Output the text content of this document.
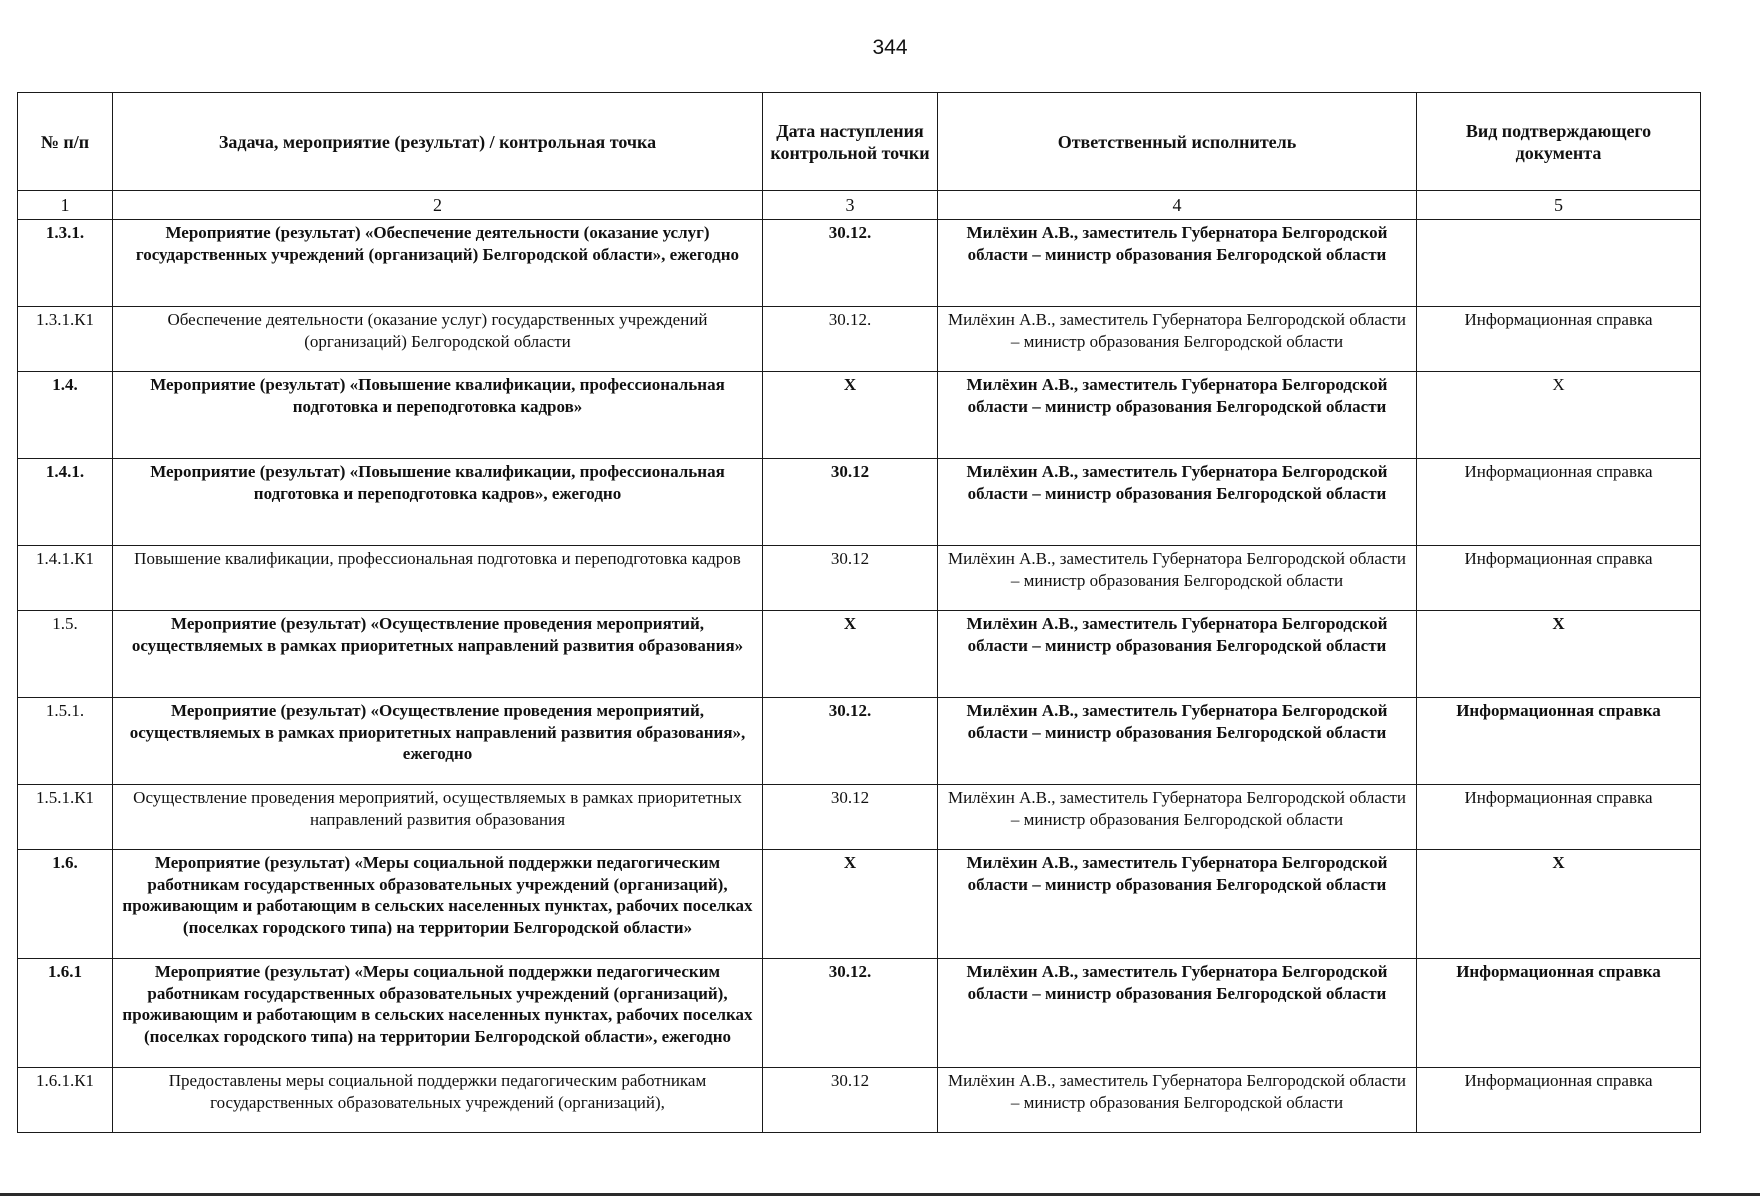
344
№ п/п	Задача, мероприятие (результат) / контрольная точка	Дата наступления контрольной точки	Ответственный исполнитель	Вид подтверждающего документа
1	2	3	4	5
1.3.1.	Мероприятие (результат) «Обеспечение деятельности (оказание услуг) государственных учреждений (организаций) Белгородской области», ежегодно	30.12.	Милёхин А.В., заместитель Губернатора Белгородской области – министр образования Белгородской области	
1.3.1.К1	Обеспечение деятельности (оказание услуг) государственных учреждений (организаций) Белгородской области	30.12.	Милёхин А.В., заместитель Губернатора Белгородской области – министр образования Белгородской области	Информационная справка
1.4.	Мероприятие (результат) «Повышение квалификации, профессиональная подготовка и переподготовка кадров»	Х	Милёхин А.В., заместитель Губернатора Белгородской области – министр образования Белгородской области	Х
1.4.1.	Мероприятие (результат) «Повышение квалификации, профессиональная подготовка и переподготовка кадров», ежегодно	30.12	Милёхин А.В., заместитель Губернатора Белгородской области – министр образования Белгородской области	Информационная справка
1.4.1.К1	Повышение квалификации, профессиональная подготовка и переподготовка кадров	30.12	Милёхин А.В., заместитель Губернатора Белгородской области – министр образования Белгородской области	Информационная справка
1.5.	Мероприятие (результат) «Осуществление проведения мероприятий, осуществляемых в рамках приоритетных направлений развития образования»	Х	Милёхин А.В., заместитель Губернатора Белгородской области – министр образования Белгородской области	Х
1.5.1.	Мероприятие (результат) «Осуществление проведения мероприятий, осуществляемых в рамках приоритетных направлений развития образования», ежегодно	30.12.	Милёхин А.В., заместитель Губернатора Белгородской области – министр образования Белгородской области	Информационная справка
1.5.1.К1	Осуществление проведения мероприятий, осуществляемых в рамках приоритетных направлений развития образования	30.12	Милёхин А.В., заместитель Губернатора Белгородской области – министр образования Белгородской области	Информационная справка
1.6.	Мероприятие (результат) «Меры социальной поддержки педагогическим работникам государственных образовательных учреждений (организаций), проживающим и работающим в сельских населенных пунктах, рабочих поселках (поселках городского типа) на территории Белгородской области»	Х	Милёхин А.В., заместитель Губернатора Белгородской области – министр образования Белгородской области	Х
1.6.1	Мероприятие (результат) «Меры социальной поддержки педагогическим работникам государственных образовательных учреждений (организаций), проживающим и работающим в сельских населенных пунктах, рабочих поселках (поселках городского типа) на территории Белгородской области», ежегодно	30.12.	Милёхин А.В., заместитель Губернатора Белгородской области – министр образования Белгородской области	Информационная справка
1.6.1.К1	Предоставлены меры социальной поддержки педагогическим работникам государственных образовательных учреждений (организаций),	30.12	Милёхин А.В., заместитель Губернатора Белгородской области – министр образования Белгородской области	Информационная справка
